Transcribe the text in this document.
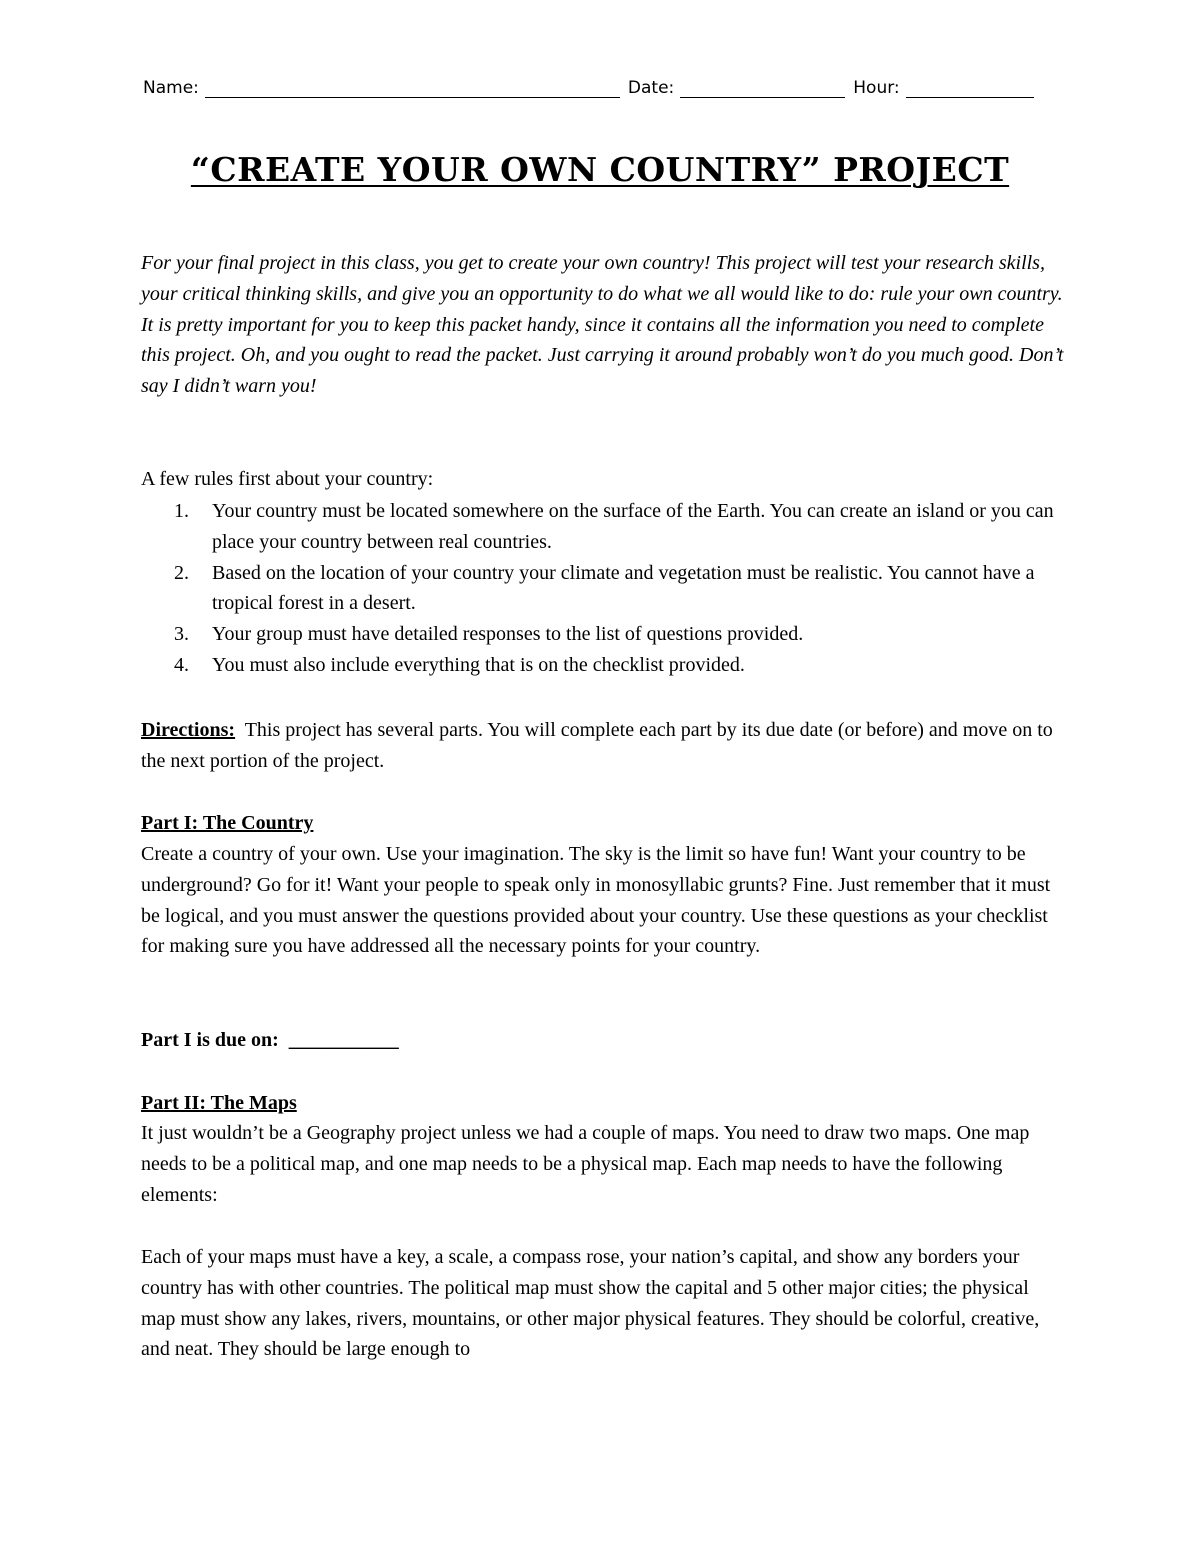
Name:	Date:	Hour:
“CREATE YOUR OWN COUNTRY” PROJECT
For your final project in this class, you get to create your own country! This project will test your research skills, your critical thinking skills, and give you an opportunity to do what we all would like to do: rule your own country. It is pretty important for you to keep this packet handy, since it contains all the information you need to complete this project. Oh, and you ought to read the packet. Just carrying it around probably won’t do you much good. Don’t say I didn’t warn you!
A few rules first about your country:
1.	Your country must be located somewhere on the surface of the Earth. You can create an island or you can place your country between real countries.
2.	Based on the location of your country your climate and vegetation must be realistic. You cannot have a tropical forest in a desert.
3.	Your group must have detailed responses to the list of questions provided.
4.	You must also include everything that is on the checklist provided.
Directions: This project has several parts. You will complete each part by its due date (or before) and move on to the next portion of the project.
Part I: The Country
Create a country of your own. Use your imagination. The sky is the limit so have fun! Want your country to be underground? Go for it! Want your people to speak only in monosyllabic grunts? Fine. Just remember that it must be logical, and you must answer the questions provided about your country. Use these questions as your checklist for making sure you have addressed all the necessary points for your country.
Part I is due on: ___________
Part II: The Maps
It just wouldn’t be a Geography project unless we had a couple of maps. You need to draw two maps. One map needs to be a political map, and one map needs to be a physical map. Each map needs to have the following elements:
Each of your maps must have a key, a scale, a compass rose, your nation’s capital, and show any borders your country has with other countries. The political map must show the capital and 5 other major cities; the physical map must show any lakes, rivers, mountains, or other major physical features. They should be colorful, creative, and neat. They should be large enough to
